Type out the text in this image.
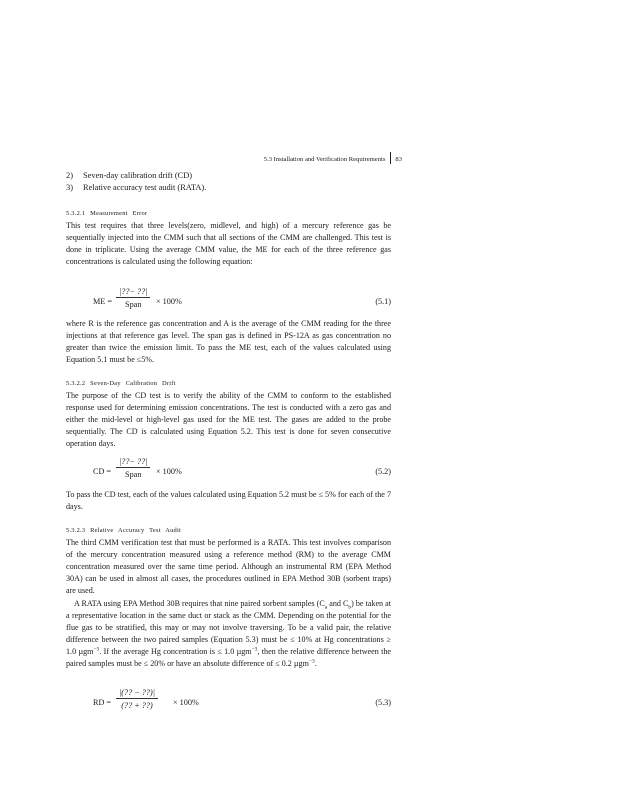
5.3 Installation and Verification Requirements 83
2) Seven-day calibration drift (CD)
3) Relative accuracy test audit (RATA).
5.3.2.1 Measurement Error
This test requires that three levels(zero, midlevel, and high) of a mercury reference gas be sequentially injected into the CMM such that all sections of the CMM are challenged. This test is done in triplicate. Using the average CMM value, the ME for each of the three reference gas concentrations is calculated using the following equation:
ME =
|??− ??|
Span	× 100%	(5.1)
where R is the reference gas concentration and A is the average of the CMM reading for the three injections at that reference gas level. The span gas is defined in PS-12A as gas concentration no greater than twice the emission limit. To pass the ME test, each of the values calculated using Equation 5.1 must be ≤5%.
5.3.2.2 Seven-Day Calibration Drift
The purpose of the CD test is to verify the ability of the CMM to conform to the established response used for determining emission concentrations. The test is conducted with a zero gas and either the mid-level or high-level gas used for the ME test. The gases are added to the probe sequentially. The CD is calculated using Equation 5.2. This test is done for seven consecutive operation days.
CD =
|??− ??|
Span	× 100%	(5.2)
To pass the CD test, each of the values calculated using Equation 5.2 must be ≤ 5% for each of the 7 days.
5.3.2.3 Relative Accuracy Test Audit
The third CMM verification test that must be performed is a RATA. This test involves comparison of the mercury concentration measured using a reference method (RM) to the average CMM concentration measured over the same time period. Although an instrumental RM (EPA Method 30A) can be used in almost all cases, the procedures outlined in EPA Method 30B (sorbent traps) are used.
A RATA using EPA Method 30B requires that nine paired sorbent samples ($C_a$ and $C_b$) be taken at a representative location in the same duct or stack as the CMM. Depending on the potential for the flue gas to be stratified, this may or may not involve traversing. To be a valid pair, the relative difference between the two paired samples (Equation 5.3) must be ≤ 10% at Hg concentrations ≥ 1.0 µgm$^{-3}$. If the average Hg concentration is ≤ 1.0 µgm$^{-3}$, then the relative difference between the paired samples must be ≤ 20% or have an absolute difference of ≤ 0.2 µgm$^{-3}$.
RD =
|(?? − ??)|
(?? + ??)	× 100%	(5.3)
